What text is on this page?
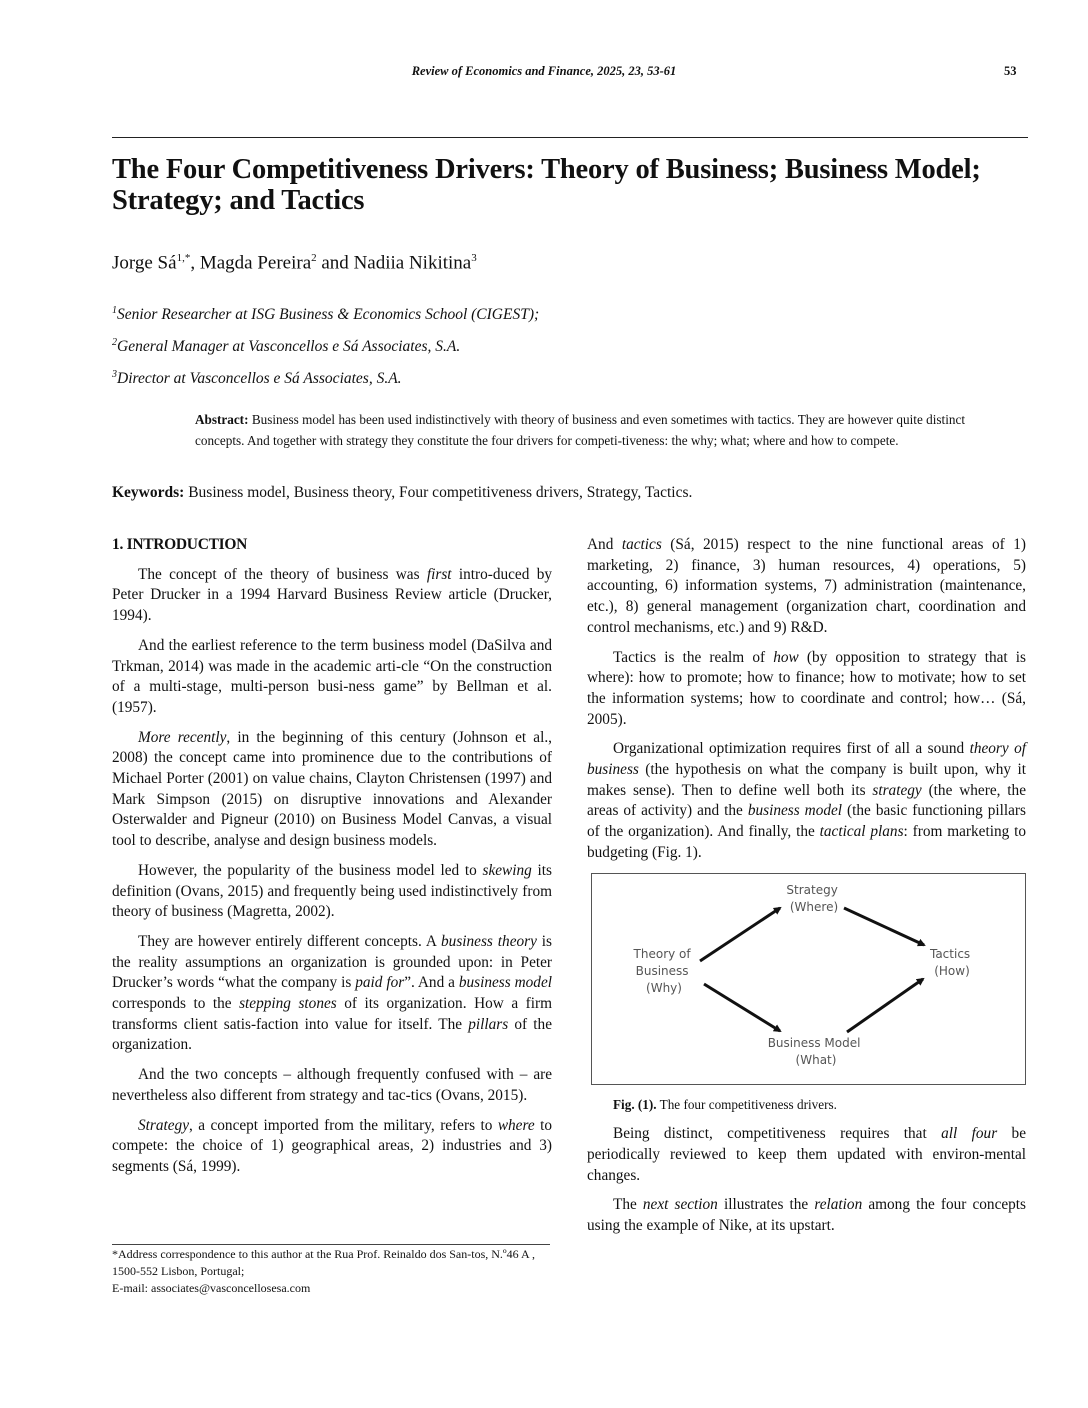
Review of Economics and Finance, 2025, 23, 53-61	53
The Four Competitiveness Drivers: Theory of Business; Business Model; Strategy; and Tactics
Jorge $Sá^{1,*}$, Magda Pereira$^2$ and Nadiia Nikitina$^3$
$^1$Senior Researcher at ISG Business & Economics School (CIGEST);
$^2$General Manager at Vasconcellos e Sá Associates, S.A.
$^3$Director at Vasconcellos e Sá Associates, S.A.
Abstract: Business model has been used indistinctively with theory of business and even sometimes with tactics. They are however quite distinct concepts. And together with strategy they constitute the four drivers for competi-tiveness: the why; what; where and how to compete.
Keywords: Business model, Business theory, Four competitiveness drivers, Strategy, Tactics.
1. INTRODUCTION

The concept of the theory of business was first intro-duced by Peter Drucker in a 1994 Harvard Business Review article (Drucker, 1994).

And the earliest reference to the term business model (DaSilva and Trkman, 2014) was made in the academic arti-cle “On the construction of a multi-stage, multi-person busi-ness game” by Bellman et al. (1957).

More recently, in the beginning of this century (Johnson et al., 2008) the concept came into prominence due to the contributions of Michael Porter (2001) on value chains, Clayton Christensen (1997) and Mark Simpson (2015) on disruptive innovations and Alexander Osterwalder and Pigneur (2010) on Business Model Canvas, a visual tool to describe, analyse and design business models.

However, the popularity of the business model led to skewing its definition (Ovans, 2015) and frequently being used indistinctively from theory of business (Magretta, 2002).

They are however entirely different concepts. A business theory is the reality assumptions an organization is grounded upon: in Peter Drucker’s words “what the company is paid for”. And a business model corresponds to the stepping stones of its organization. How a firm transforms client satis-faction into value for itself. The pillars of the organization.

And the two concepts – although frequently confused with – are nevertheless also different from strategy and tac-tics (Ovans, 2015).

Strategy, a concept imported from the military, refers to where to compete: the choice of 1) geographical areas, 2) industries and 3) segments (Sá, 1999).

And tactics (Sá, 2015) respect to the nine functional areas of 1) marketing, 2) finance, 3) human resources, 4) operations, 5) accounting, 6) information systems, 7) administration (maintenance, etc.), 8) general management (organization chart, coordination and control mechanisms, etc.) and 9) R&D.

Tactics is the realm of how (by opposition to strategy that is where): how to promote; how to finance; how to motivate; how to set the information systems; how to coordinate and control; how… (Sá, 2005).

Organizational optimization requires first of all a sound theory of business (the hypothesis on what the company is built upon, why it makes sense). Then to define well both its strategy (the where, the areas of activity) and the business model (the basic functioning pillars of the organization). And finally, the tactical plans: from marketing to budgeting (Fig. 1).

Strategy (Where)
Theory of Business (Why)
Tactics (How)
Business Model (What)

Fig. (1). The four competitiveness drivers.

Being distinct, competitiveness requires that all four be periodically reviewed to keep them updated with environ-mental changes.

The next section illustrates the relation among the four concepts using the example of Nike, at its upstart.

*Address correspondence to this author at the Rua Prof. Reinaldo dos San-tos, N.º46 A , 1500-552 Lisbon, Portugal;
E-mail: associates@vasconcellosesa.com
